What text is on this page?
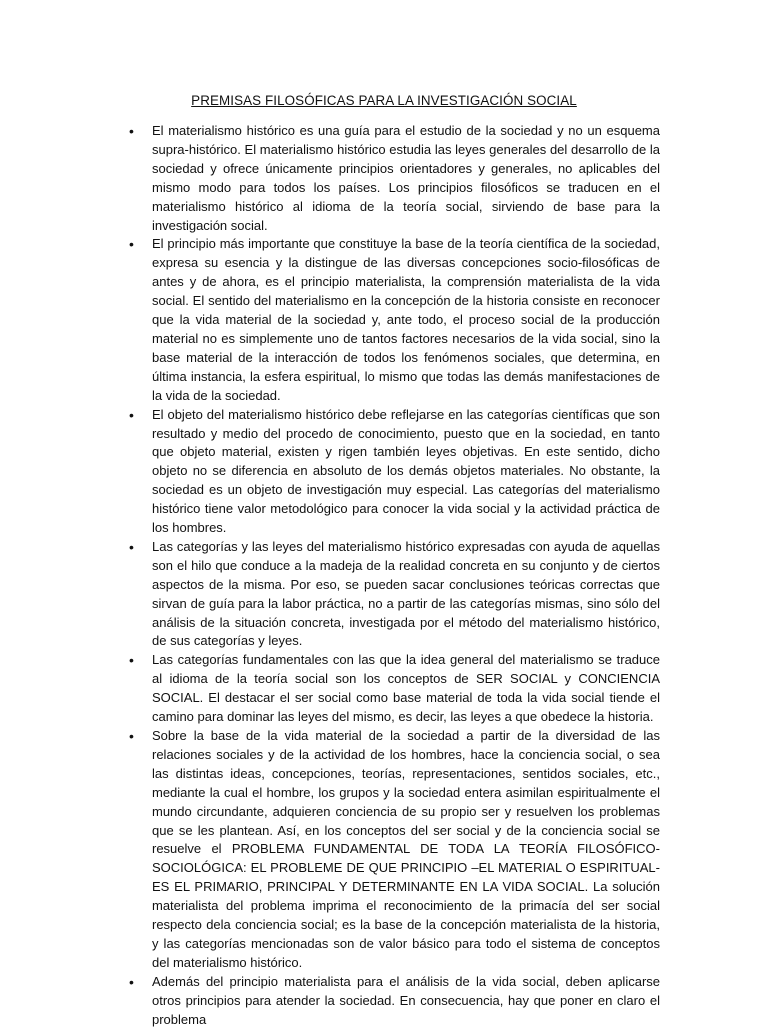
PREMISAS FILOSÓFICAS PARA LA INVESTIGACIÓN SOCIAL
• El materialismo histórico es una guía para el estudio de la sociedad y no un esquema supra-histórico. El materialismo histórico estudia las leyes generales del desarrollo de la sociedad y ofrece únicamente principios orientadores y generales, no aplicables del mismo modo para todos los países. Los principios filosóficos se traducen en el materialismo histórico al idioma de la teoría social, sirviendo de base para la investigación social.
• El principio más importante que constituye la base de la teoría científica de la sociedad, expresa su esencia y la distingue de las diversas concepciones socio-filosóficas de antes y de ahora, es el principio materialista, la comprensión materialista de la vida social. El sentido del materialismo en la concepción de la historia consiste en reconocer que la vida material de la sociedad y, ante todo, el proceso social de la producción material no es simplemente uno de tantos factores necesarios de la vida social, sino la base material de la interacción de todos los fenómenos sociales, que determina, en última instancia, la esfera espiritual, lo mismo que todas las demás manifestaciones de la vida de la sociedad.
• El objeto del materialismo histórico debe reflejarse en las categorías científicas que son resultado y medio del procedo de conocimiento, puesto que en la sociedad, en tanto que objeto material, existen y rigen también leyes objetivas. En este sentido, dicho objeto no se diferencia en absoluto de los demás objetos materiales. No obstante, la sociedad es un objeto de investigación muy especial. Las categorías del materialismo histórico tiene valor metodológico para conocer la vida social y la actividad práctica de los hombres.
• Las categorías y las leyes del materialismo histórico expresadas con ayuda de aquellas son el hilo que conduce a la madeja de la realidad concreta en su conjunto y de ciertos aspectos de la misma. Por eso, se pueden sacar conclusiones teóricas correctas que sirvan de guía para la labor práctica, no a partir de las categorías mismas, sino sólo del análisis de la situación concreta, investigada por el método del materialismo histórico, de sus categorías y leyes.
• Las categorías fundamentales con las que la idea general del materialismo se traduce al idioma de la teoría social son los conceptos de SER SOCIAL y CONCIENCIA SOCIAL. El destacar el ser social como base material de toda la vida social tiende el camino para dominar las leyes del mismo, es decir, las leyes a que obedece la historia.
• Sobre la base de la vida material de la sociedad a partir de la diversidad de las relaciones sociales y de la actividad de los hombres, hace la conciencia social, o sea las distintas ideas, concepciones, teorías, representaciones, sentidos sociales, etc., mediante la cual el hombre, los grupos y la sociedad entera asimilan espiritualmente el mundo circundante, adquieren conciencia de su propio ser y resuelven los problemas que se les plantean. Así, en los conceptos del ser social y de la conciencia social se resuelve el PROBLEMA FUNDAMENTAL DE TODA LA TEORÍA FILOSÓFICO-SOCIOLÓGICA: EL PROBLEME DE QUE PRINCIPIO –EL MATERIAL O ESPIRITUAL- ES EL PRIMARIO, PRINCIPAL Y DETERMINANTE EN LA VIDA SOCIAL. La solución materialista del problema imprima el reconocimiento de la primacía del ser social respecto dela conciencia social; es la base de la concepción materialista de la historia, y las categorías mencionadas son de valor básico para todo el sistema de conceptos del materialismo histórico.
• Además del principio materialista para el análisis de la vida social, deben aplicarse otros principios para atender la sociedad. En consecuencia, hay que poner en claro el problema
